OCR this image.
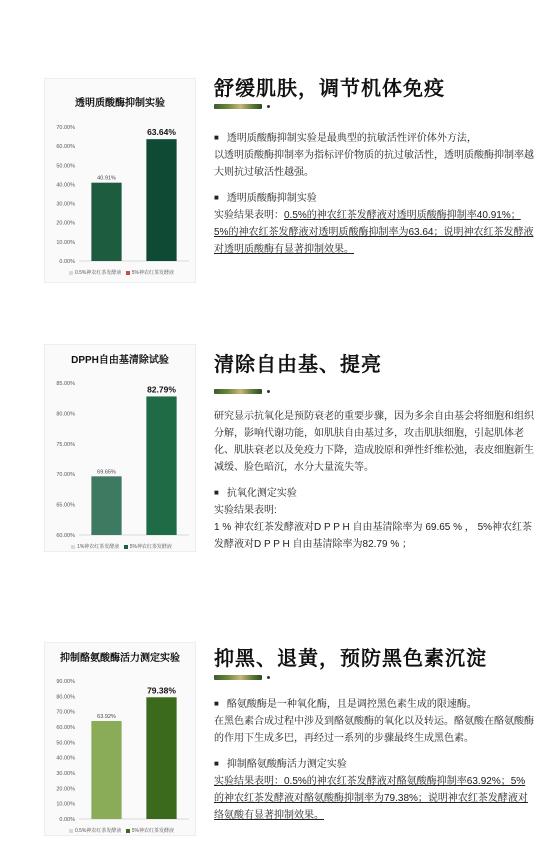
透明质酸酶抑制实验
0.00%
10.00%
20.00%
30.00%
40.00%
50.00%
60.00%
70.00%
40.91%
63.64%
0.5%神农红茶发酵液 5%神农红茶发酵液
舒缓肌肤，调节机体免疫

■ 透明质酸酶抑制实验是最典型的抗敏活性评价体外方法，

以透明质酸酶抑制率为指标评价物质的抗过敏活性，透明质酸酶抑制率越大则抗过敏活性越强。

■ 透明质酸酶抑制实验

实验结果表明：0.5%的神农红茶发酵液对透明质酸酶抑制率40.91%；5%的神农红茶发酵液对透明质酸酶抑制率为63.64；说明神农红茶发酵液对透明质酸酶有显著抑制效果。

DPPH自由基清除试验
60.00%
65.00%
70.00%
75.00%
80.00%
85.00%
69.65%
82.79%
1%神农红茶发酵液 5%神农红茶发酵液
清除自由基、提亮

研究显示抗氧化是预防衰老的重要步骤，因为多余自由基会将细胞和组织分解，影响代谢功能，如肌肤自由基过多，攻击肌肤细胞，引起肌体老化、肌肤衰老以及免疫力下降，造成胶原和弹性纤维松弛，表皮细胞新生减缓、脸色暗沉，水分大量流失等。

■ 抗氧化测定实验

实验结果表明:

1 % 神农红茶发酵液对D P P H 自由基清除率为 69.65 % ， 5%神农红茶发酵液对D P P H 自由基清除率为82.79 % ；

抑制酪氨酸酶活力测定实验
0.00%
10.00%
20.00%
30.00%
40.00%
50.00%
60.00%
70.00%
80.00%
90.00%
63.92%
79.38%
0.5%神农红茶发酵液 5%神农红茶发酵液
抑黑、退黄，预防黑色素沉淀

■ 酪氨酸酶是一种氧化酶，且是调控黑色素生成的限速酶。

在黑色素合成过程中涉及到酪氨酸酶的氧化以及转运。酪氨酸在酪氨酸酶的作用下生成多巴，再经过一系列的步骤最终生成黑色素。

■ 抑制酪氨酸酶活力测定实验

实验结果表明：0.5%的神农红茶发酵液对酪氨酸酶抑制率63.92%；5%的神农红茶发酵液对酪氨酸酶抑制率为79.38%；说明神农红茶发酵液对络氨酸有显著抑制效果。
